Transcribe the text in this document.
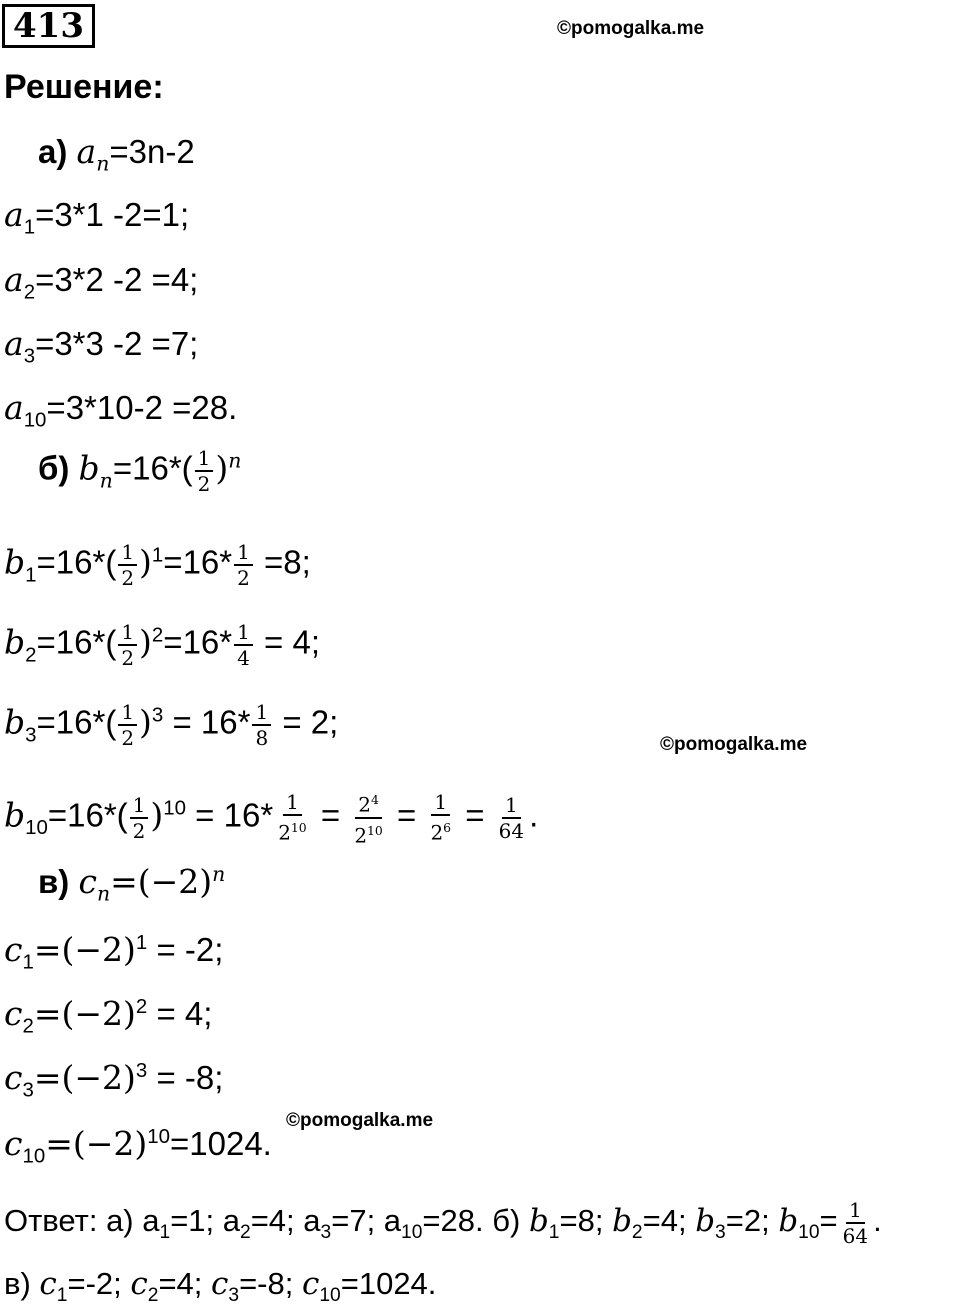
413	©pomogalka.me
Решение:
а) $a_n=3n-2$
$a_1=3*1$ -2=1;
$a_2=3*2$ -2 =4;
$a_3=3*3$ -2 =7;
$a_{10}=3*10-2 =28$.
б) $b_n=16*( \frac{1}{2} )^n$
$b_1=16*( \frac{1}{2} )^1=16* \frac{1}{2} =8$;
$b_2=16*( \frac{1}{2} )^2=16* \frac{1}{4} = 4$;
$b_3=16*( \frac{1}{2} )^3 = 16* \frac{1}{8} = 2$;
©pomogalka.me
$b_{10}=16*( \frac{1}{2} )^{10} = 16* \frac{1}{2^{10}} = \frac{2^4}{2^{10}} = \frac{1}{2^6} = \frac{1}{64}$ .
в) $c_n=(-2)^n$
$c_1=(-2)^1 = -2$;
$c_2=(-2)^2 = 4$;
$c_3=(-2)^3 = -8$;
©pomogalka.me
$c_{10}=(-2)^{10}=1024$.
Ответ: а) $a_1=1$; $a_2=4$; $a_3=7$; $a_{10}=28$. б) $b_1=8$; $b_2=4$; $b_3=2$; $b_{10}= \frac{1}{64}$ .
в) $c_1=-2$; $c_2=4$; $c_3=-8$; $c_{10}=1024$.
